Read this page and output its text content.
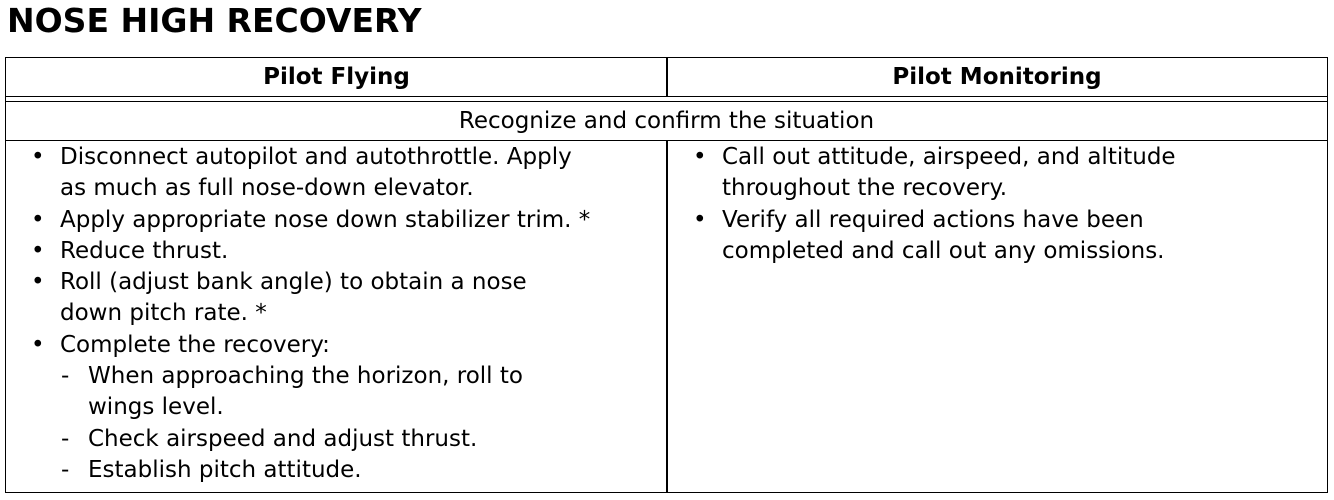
NOSE HIGH RECOVERY
Pilot Flying	Pilot Monitoring
Recognize and confirm the situation
• Disconnect autopilot and autothrottle. Apply
as much as full nose-down elevator.
• Apply appropriate nose down stabilizer trim. *
• Reduce thrust.
• Roll (adjust bank angle) to obtain a nose
down pitch rate. *
• Complete the recovery:
- When approaching the horizon, roll to
wings level.
- Check airspeed and adjust thrust.
- Establish pitch attitude.
• Call out attitude, airspeed, and altitude
throughout the recovery.
• Verify all required actions have been
completed and call out any omissions.
